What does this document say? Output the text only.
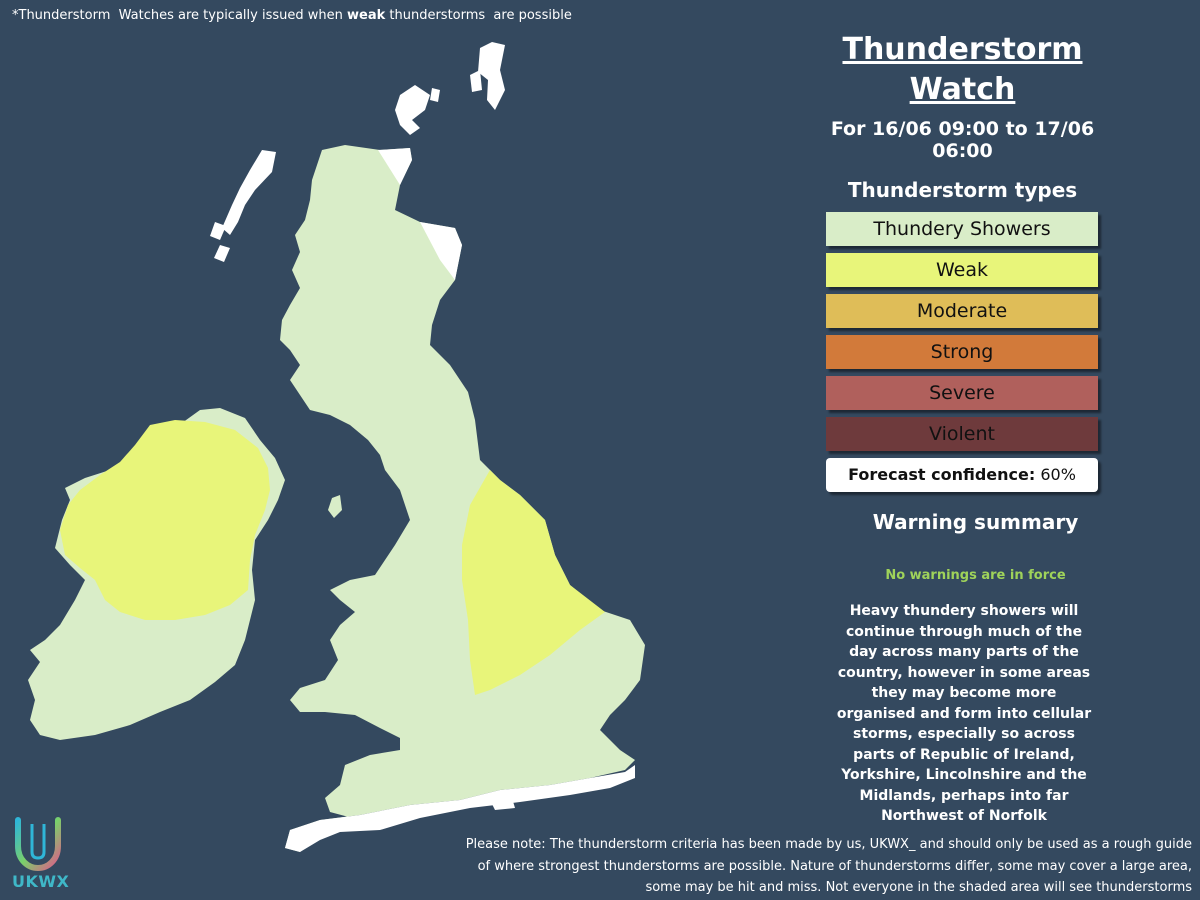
*Thunderstorm  Watches are typically issued when weak thunderstorms  are possible
Thunderstorm Watch
For 16/06 09:00 to 17/06 06:00
Thunderstorm types
Thundery Showers
Weak
Moderate
Strong
Severe
Violent
Forecast confidence: 60%
Warning summary
No warnings are in force
Heavy thundery showers will continue through much of the day across many parts of the country, however in some areas they may become more organised and form into cellular storms, especially so across parts of Republic of Ireland, Yorkshire, Lincolnshire and the Midlands, perhaps into far Northwest of Norfolk
Please note: The thunderstorm criteria has been made by us, UKWX_ and should only be used as a rough guide of where strongest thunderstorms are possible. Nature of thunderstorms differ, some may cover a large area, some may be hit and miss. Not everyone in the shaded area will see thunderstorms
UKWX
